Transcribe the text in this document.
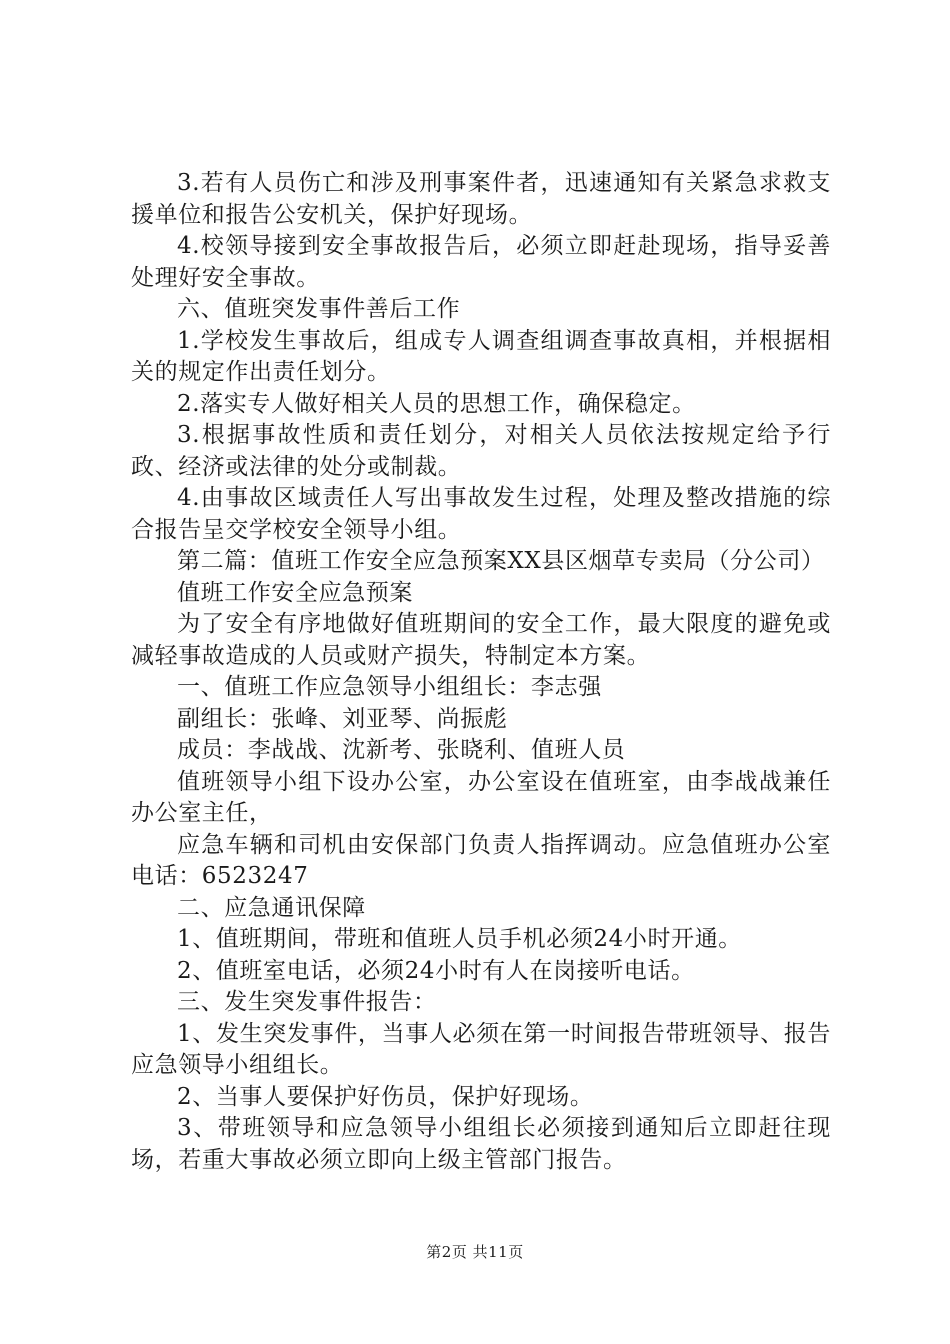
3.若有人员伤亡和涉及刑事案件者，迅速通知有关紧急求救支援单位和报告公安机关，保护好现场。

4.校领导接到安全事故报告后，必须立即赶赴现场，指导妥善处理好安全事故。

六、值班突发事件善后工作

1.学校发生事故后，组成专人调查组调查事故真相，并根据相关的规定作出责任划分。

2.落实专人做好相关人员的思想工作，确保稳定。

3.根据事故性质和责任划分，对相关人员依法按规定给予行政、经济或法律的处分或制裁。

4.由事故区域责任人写出事故发生过程，处理及整改措施的综合报告呈交学校安全领导小组。

第二篇：值班工作安全应急预案XX县区烟草专卖局（分公司）

值班工作安全应急预案

为了安全有序地做好值班期间的安全工作，最大限度的避免或减轻事故造成的人员或财产损失，特制定本方案。

一、值班工作应急领导小组组长：李志强

副组长：张峰、刘亚琴、尚振彪

成员：李战战、沈新考、张晓利、值班人员

值班领导小组下设办公室，办公室设在值班室，由李战战兼任办公室主任，

应急车辆和司机由安保部门负责人指挥调动。应急值班办公室电话：6523247

二、应急通讯保障

1、值班期间，带班和值班人员手机必须24小时开通。

2、值班室电话，必须24小时有人在岗接听电话。

三、发生突发事件报告：

1、发生突发事件，当事人必须在第一时间报告带班领导、报告应急领导小组组长。

2、当事人要保护好伤员，保护好现场。

3、带班领导和应急领导小组组长必须接到通知后立即赶往现场，若重大事故必须立即向上级主管部门报告。

第2页 共11页
